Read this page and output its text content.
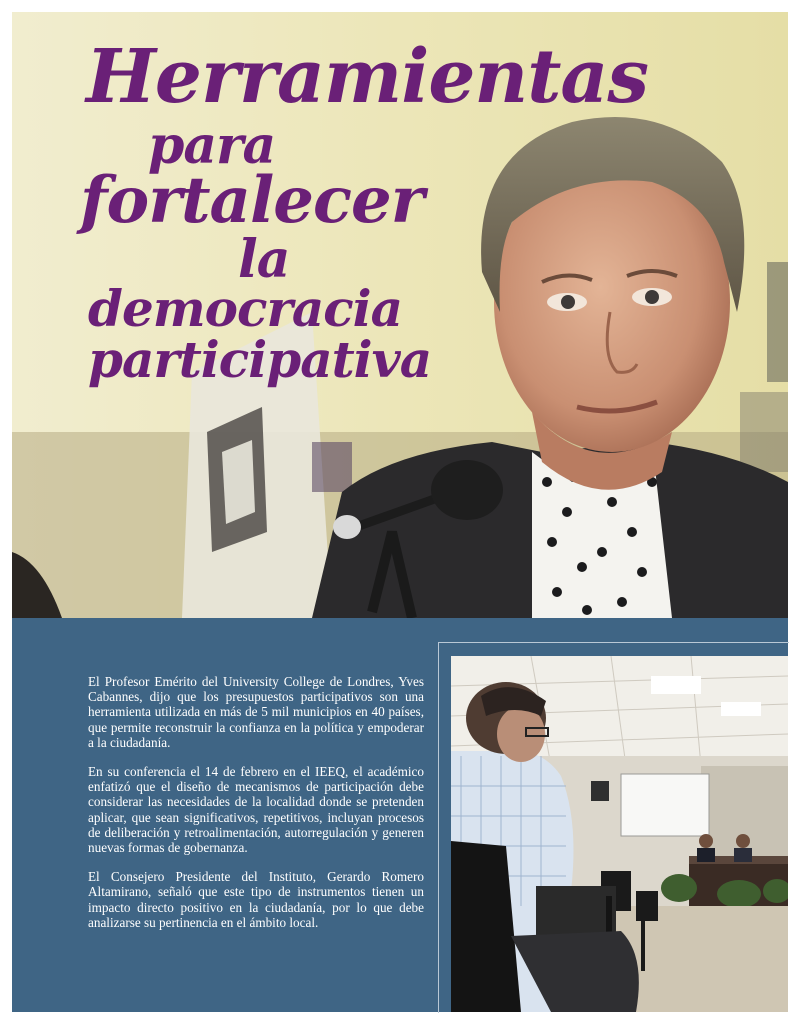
Herramientas
para
fortalecer
la
democracia
participativa

El Profesor Emérito del University College de Londres, Yves Cabannes, dijo que los presupuestos participativos son una herramienta utilizada en más de 5 mil municipios en 40 países, que permite reconstruir la confianza en la política y empoderar a la ciudadanía.

En su conferencia el 14 de febrero en el IEEQ, el académico enfatizó que el diseño de mecanismos de participación debe considerar las necesidades de la localidad donde se pretenden aplicar, que sean significativos, repetitivos, incluyan procesos de deliberación y retroalimentación, autorregulación y generen nuevas formas de gobernanza.

El Consejero Presidente del Instituto, Gerardo Romero Altamirano, señaló que este tipo de instrumentos tienen un impacto directo positivo en la ciudadanía, por lo que debe analizarse su pertinencia en el ámbito local.
